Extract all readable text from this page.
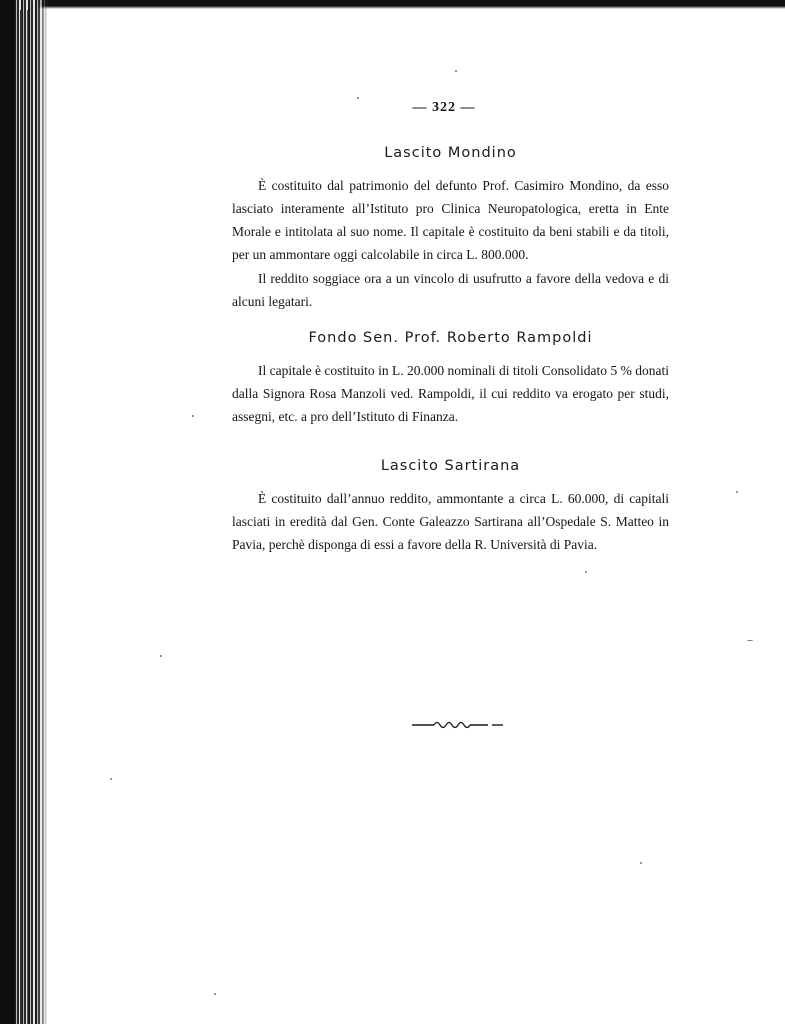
— 322 —
Lascito Mondino

È costituito dal patrimonio del defunto Prof. Casimiro Mondino, da esso lasciato interamente all’Istituto pro Clinica Neuropatologica, eretta in Ente Morale e intitolata al suo nome. Il capitale è costituito da beni stabili e da titoli, per un ammontare oggi calcolabile in circa L. 800.000.

Il reddito soggiace ora a un vincolo di usufrutto a favore della vedova e di alcuni legatari.

Fondo Sen. Prof. Roberto Rampoldi

Il capitale è costituito in L. 20.000 nominali di titoli Consolidato 5 % donati dalla Signora Rosa Manzoli ved. Rampoldi, il cui reddito va erogato per studi, assegni, etc. a pro dell’Istituto di Finanza.

Lascito Sartirana

È costituito dall’annuo reddito, ammontante a circa L. 60.000, di capitali lasciati in eredità dal Gen. Conte Galeazzo Sartirana all’Ospedale S. Matteo in Pavia, perchè disponga di essi a favore della R. Università di Pavia.
